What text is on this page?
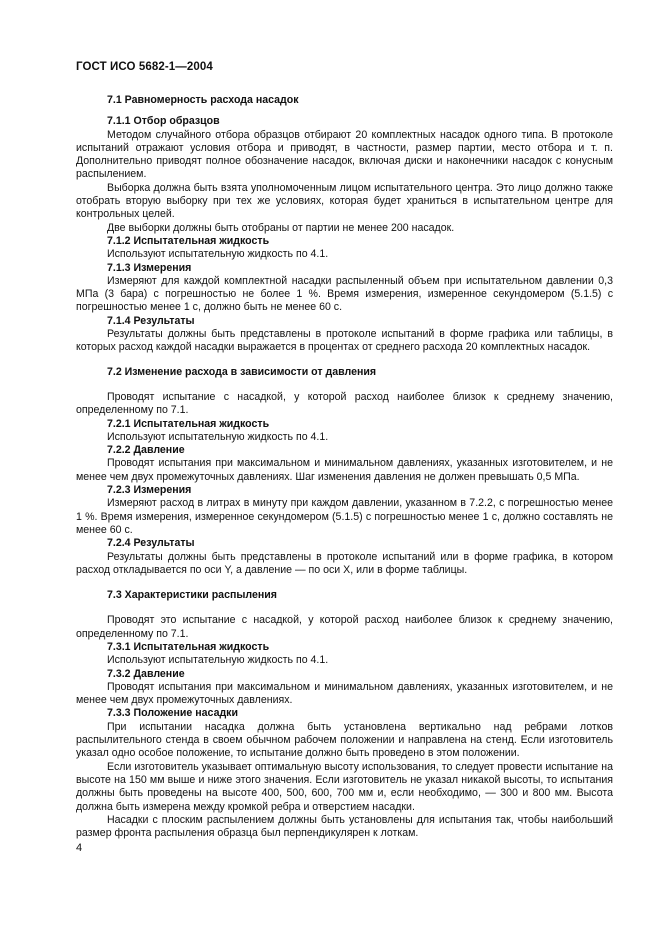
ГОСТ ИСО 5682-1—2004
7.1 Равномерность расхода насадок
7.1.1 Отбор образцов
Методом случайного отбора образцов отбирают 20 комплектных насадок одного типа. В протоколе испытаний отражают условия отбора и приводят, в частности, размер партии, место отбора и т. п. Дополнительно приводят полное обозначение насадок, включая диски и наконечники насадок с конусным распылением.
Выборка должна быть взята уполномоченным лицом испытательного центра. Это лицо должно также отобрать вторую выборку при тех же условиях, которая будет храниться в испытательном центре для контрольных целей.
Две выборки должны быть отобраны от партии не менее 200 насадок.
7.1.2 Испытательная жидкость
Используют испытательную жидкость по 4.1.
7.1.3 Измерения
Измеряют для каждой комплектной насадки распыленный объем при испытательном давлении 0,3 МПа (3 бара) с погрешностью не более 1 %. Время измерения, измеренное секундомером (5.1.5) с погрешностью менее 1 с, должно быть не менее 60 с.
7.1.4 Результаты
Результаты должны быть представлены в протоколе испытаний в форме графика или таблицы, в которых расход каждой насадки выражается в процентах от среднего расхода 20 комплектных насадок.
7.2 Изменение расхода в зависимости от давления
Проводят испытание с насадкой, у которой расход наиболее близок к среднему значению, определенному по 7.1.
7.2.1 Испытательная жидкость
Используют испытательную жидкость по 4.1.
7.2.2 Давление
Проводят испытания при максимальном и минимальном давлениях, указанных изготовителем, и не менее чем двух промежуточных давлениях. Шаг изменения давления не должен превышать 0,5 МПа.
7.2.3 Измерения
Измеряют расход в литрах в минуту при каждом давлении, указанном в 7.2.2, с погрешностью менее 1 %. Время измерения, измеренное секундомером (5.1.5) с погрешностью менее 1 с, должно составлять не менее 60 с.
7.2.4 Результаты
Результаты должны быть представлены в протоколе испытаний или в форме графика, в котором расход откладывается по оси Y, а давление — по оси X, или в форме таблицы.
7.3 Характеристики распыления
Проводят это испытание с насадкой, у которой расход наиболее близок к среднему значению, определенному по 7.1.
7.3.1 Испытательная жидкость
Используют испытательную жидкость по 4.1.
7.3.2 Давление
Проводят испытания при максимальном и минимальном давлениях, указанных изготовителем, и не менее чем двух промежуточных давлениях.
7.3.3 Положение насадки
При испытании насадка должна быть установлена вертикально над ребрами лотков распылительного стенда в своем обычном рабочем положении и направлена на стенд. Если изготовитель указал одно особое положение, то испытание должно быть проведено в этом положении.
Если изготовитель указывает оптимальную высоту использования, то следует провести испытание на высоте на 150 мм выше и ниже этого значения. Если изготовитель не указал никакой высоты, то испытания должны быть проведены на высоте 400, 500, 600, 700 мм и, если необходимо, — 300 и 800 мм. Высота должна быть измерена между кромкой ребра и отверстием насадки.
Насадки с плоским распылением должны быть установлены для испытания так, чтобы наибольший размер фронта распыления образца был перпендикулярен к лоткам.
4
